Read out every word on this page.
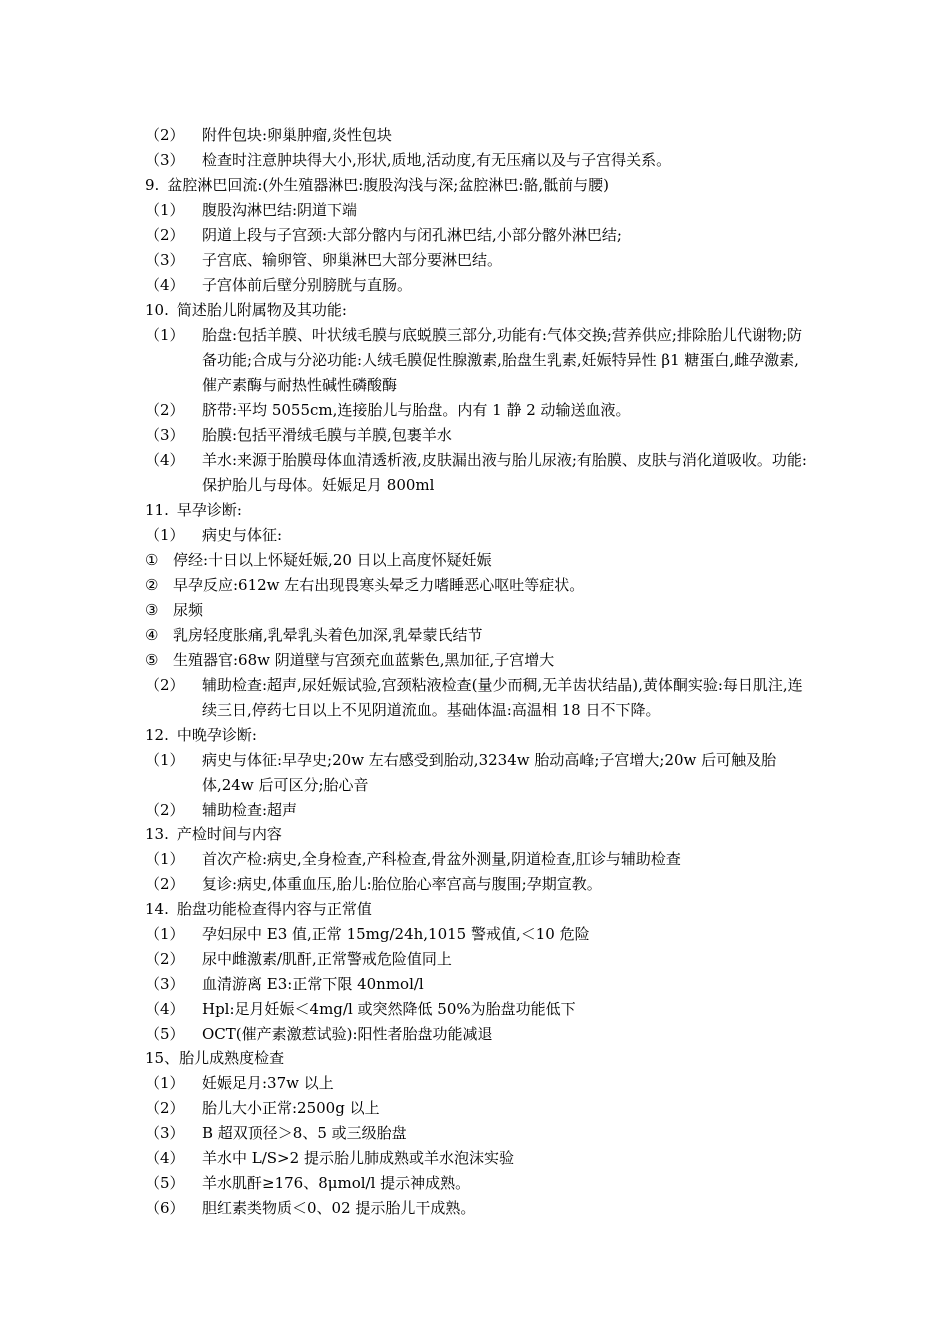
（2） 附件包块:卵巢肿瘤,炎性包块
（3） 检查时注意肿块得大小,形状,质地,活动度,有无压痛以及与子宫得关系。
9. 盆腔淋巴回流:(外生殖器淋巴:腹股沟浅与深;盆腔淋巴:骼,骶前与腰)
（1） 腹股沟淋巴结:阴道下端
（2） 阴道上段与子宫颈:大部分髂内与闭孔淋巴结,小部分髂外淋巴结;
（3） 子宫底、输卵管、卵巢淋巴大部分要淋巴结。
（4） 子宫体前后壁分别膀胱与直肠。
10. 简述胎儿附属物及其功能:
（1） 胎盘:包括羊膜、叶状绒毛膜与底蜕膜三部分,功能有:气体交换;营养供应;排除胎儿代谢物;防备功能;合成与分泌功能:人绒毛膜促性腺激素,胎盘生乳素,妊娠特异性 β1 糖蛋白,雌孕激素,催产素酶与耐热性碱性磷酸酶
（2） 脐带:平均 5055cm,连接胎儿与胎盘。内有 1 静 2 动输送血液。
（3） 胎膜:包括平滑绒毛膜与羊膜,包裹羊水
（4） 羊水:来源于胎膜母体血清透析液,皮肤漏出液与胎儿尿液;有胎膜、皮肤与消化道吸收。功能:保护胎儿与母体。妊娠足月 800ml
11. 早孕诊断:
（1） 病史与体征:
① 停经:十日以上怀疑妊娠,20 日以上高度怀疑妊娠
② 早孕反应:612w 左右出现畏寒头晕乏力嗜睡恶心呕吐等症状。
③ 尿频
④ 乳房轻度胀痛,乳晕乳头着色加深,乳晕蒙氏结节
⑤ 生殖器官:68w 阴道壁与宫颈充血蓝紫色,黑加征,子宫增大
（2） 辅助检查:超声,尿妊娠试验,宫颈粘液检查(量少而稠,无羊齿状结晶),黄体酮实验:每日肌注,连续三日,停药七日以上不见阴道流血。基础体温:高温相 18 日不下降。
12. 中晚孕诊断:
（1） 病史与体征:早孕史;20w 左右感受到胎动,3234w 胎动高峰;子宫增大;20w 后可触及胎体,24w 后可区分;胎心音
（2） 辅助检查:超声
13. 产检时间与内容
（1） 首次产检:病史,全身检查,产科检查,骨盆外测量,阴道检查,肛诊与辅助检查
（2） 复诊:病史,体重血压,胎儿:胎位胎心率宫高与腹围;孕期宣教。
14. 胎盘功能检查得内容与正常值
（1） 孕妇尿中 E3 值,正常 15mg/24h,1015 警戒值,＜10 危险
（2） 尿中雌激素/肌酐,正常警戒危险值同上
（3） 血清游离 E3:正常下限 40nmol/l
（4） Hpl:足月妊娠＜4mg/l 或突然降低 50%为胎盘功能低下
（5） OCT(催产素激惹试验):阳性者胎盘功能减退
15、胎儿成熟度检查
（1） 妊娠足月:37w 以上
（2） 胎儿大小正常:2500g 以上
（3） B 超双顶径＞8、5 或三级胎盘
（4） 羊水中 L/S>2 提示胎儿肺成熟或羊水泡沫实验
（5） 羊水肌酐≥176、8μmol/l 提示神成熟。
（6） 胆红素类物质＜0、02 提示胎儿干成熟。
